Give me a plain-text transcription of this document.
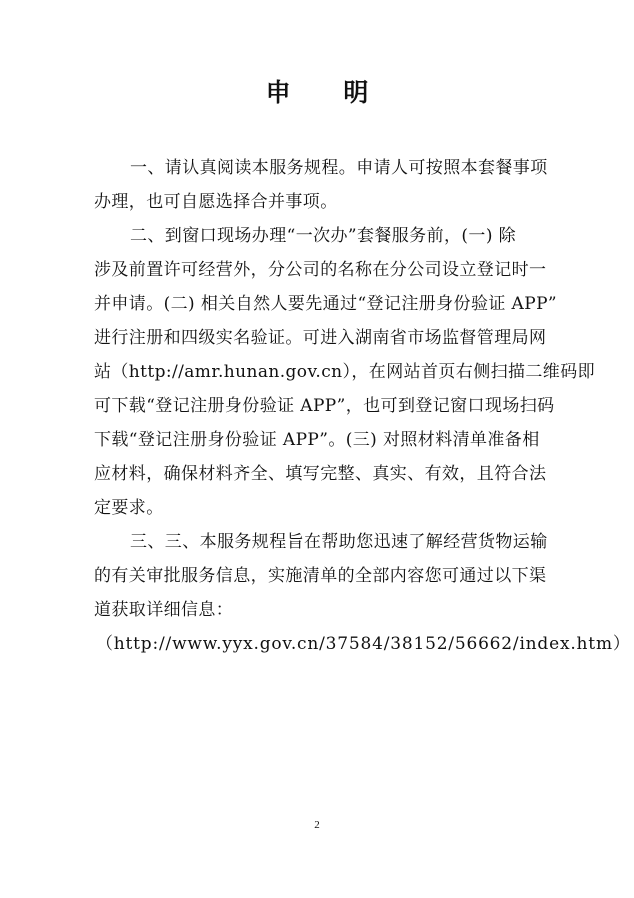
申 明

一、请认真阅读本服务规程。申请人可按照本套餐事项
办理，也可自愿选择合并事项。

二、到窗口现场办理“一次办”套餐服务前，(一) 除
涉及前置许可经营外，分公司的名称在分公司设立登记时一
并申请。(二) 相关自然人要先通过“登记注册身份验证 APP”
进行注册和四级实名验证。可进入湖南省市场监督管理局网
站（http://amr.hunan.gov.cn），在网站首页右侧扫描二维码即
可下载“登记注册身份验证 APP”，也可到登记窗口现场扫码
下载“登记注册身份验证 APP”。(三) 对照材料清单准备相
应材料，确保材料齐全、填写完整、真实、有效，且符合法
定要求。

三、三、本服务规程旨在帮助您迅速了解经营货物运输
的有关审批服务信息，实施清单的全部内容您可通过以下渠
道获取详细信息：

（http://www.yyx.gov.cn/37584/38152/56662/index.htm）
2
